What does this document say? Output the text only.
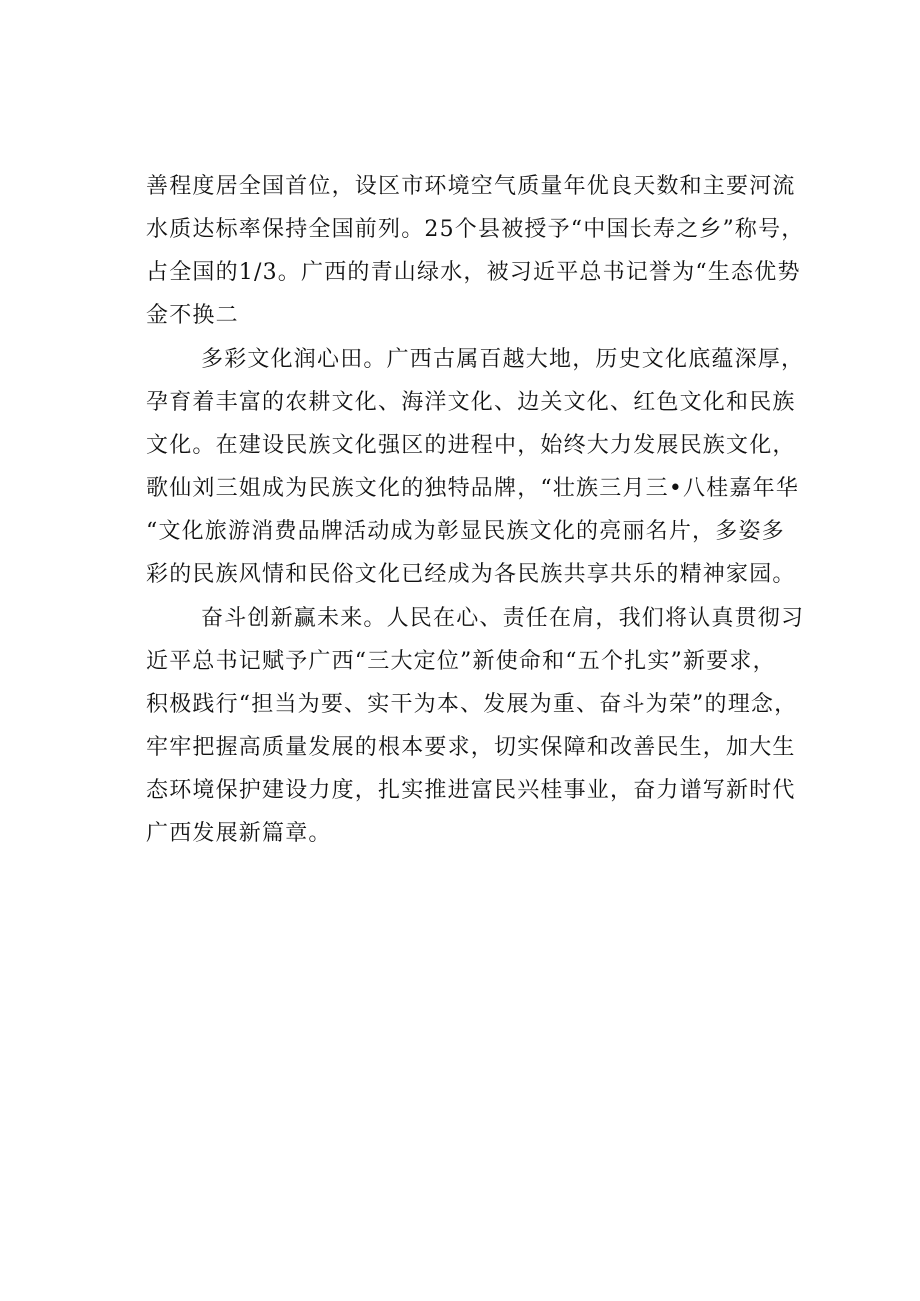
善程度居全国首位，设区市环境空气质量年优良天数和主要河流
水质达标率保持全国前列。25个县被授予“中国长寿之乡”称号，
占全国的1/3。广西的青山绿水，被习近平总书记誉为“生态优势
金不换二
多彩文化润心田。广西古属百越大地，历史文化底蕴深厚，
孕育着丰富的农耕文化、海洋文化、边关文化、红色文化和民族
文化。在建设民族文化强区的进程中，始终大力发展民族文化，
歌仙刘三姐成为民族文化的独特品牌，“壮族三月三•八桂嘉年华
“文化旅游消费品牌活动成为彰显民族文化的亮丽名片，多姿多
彩的民族风情和民俗文化已经成为各民族共享共乐的精神家园。
奋斗创新赢未来。人民在心、责任在肩，我们将认真贯彻习
近平总书记赋予广西“三大定位”新使命和“五个扎实”新要求，
积极践行“担当为要、实干为本、发展为重、奋斗为荣”的理念，
牢牢把握高质量发展的根本要求，切实保障和改善民生，加大生
态环境保护建设力度，扎实推进富民兴桂事业，奋力谱写新时代
广西发展新篇章。
